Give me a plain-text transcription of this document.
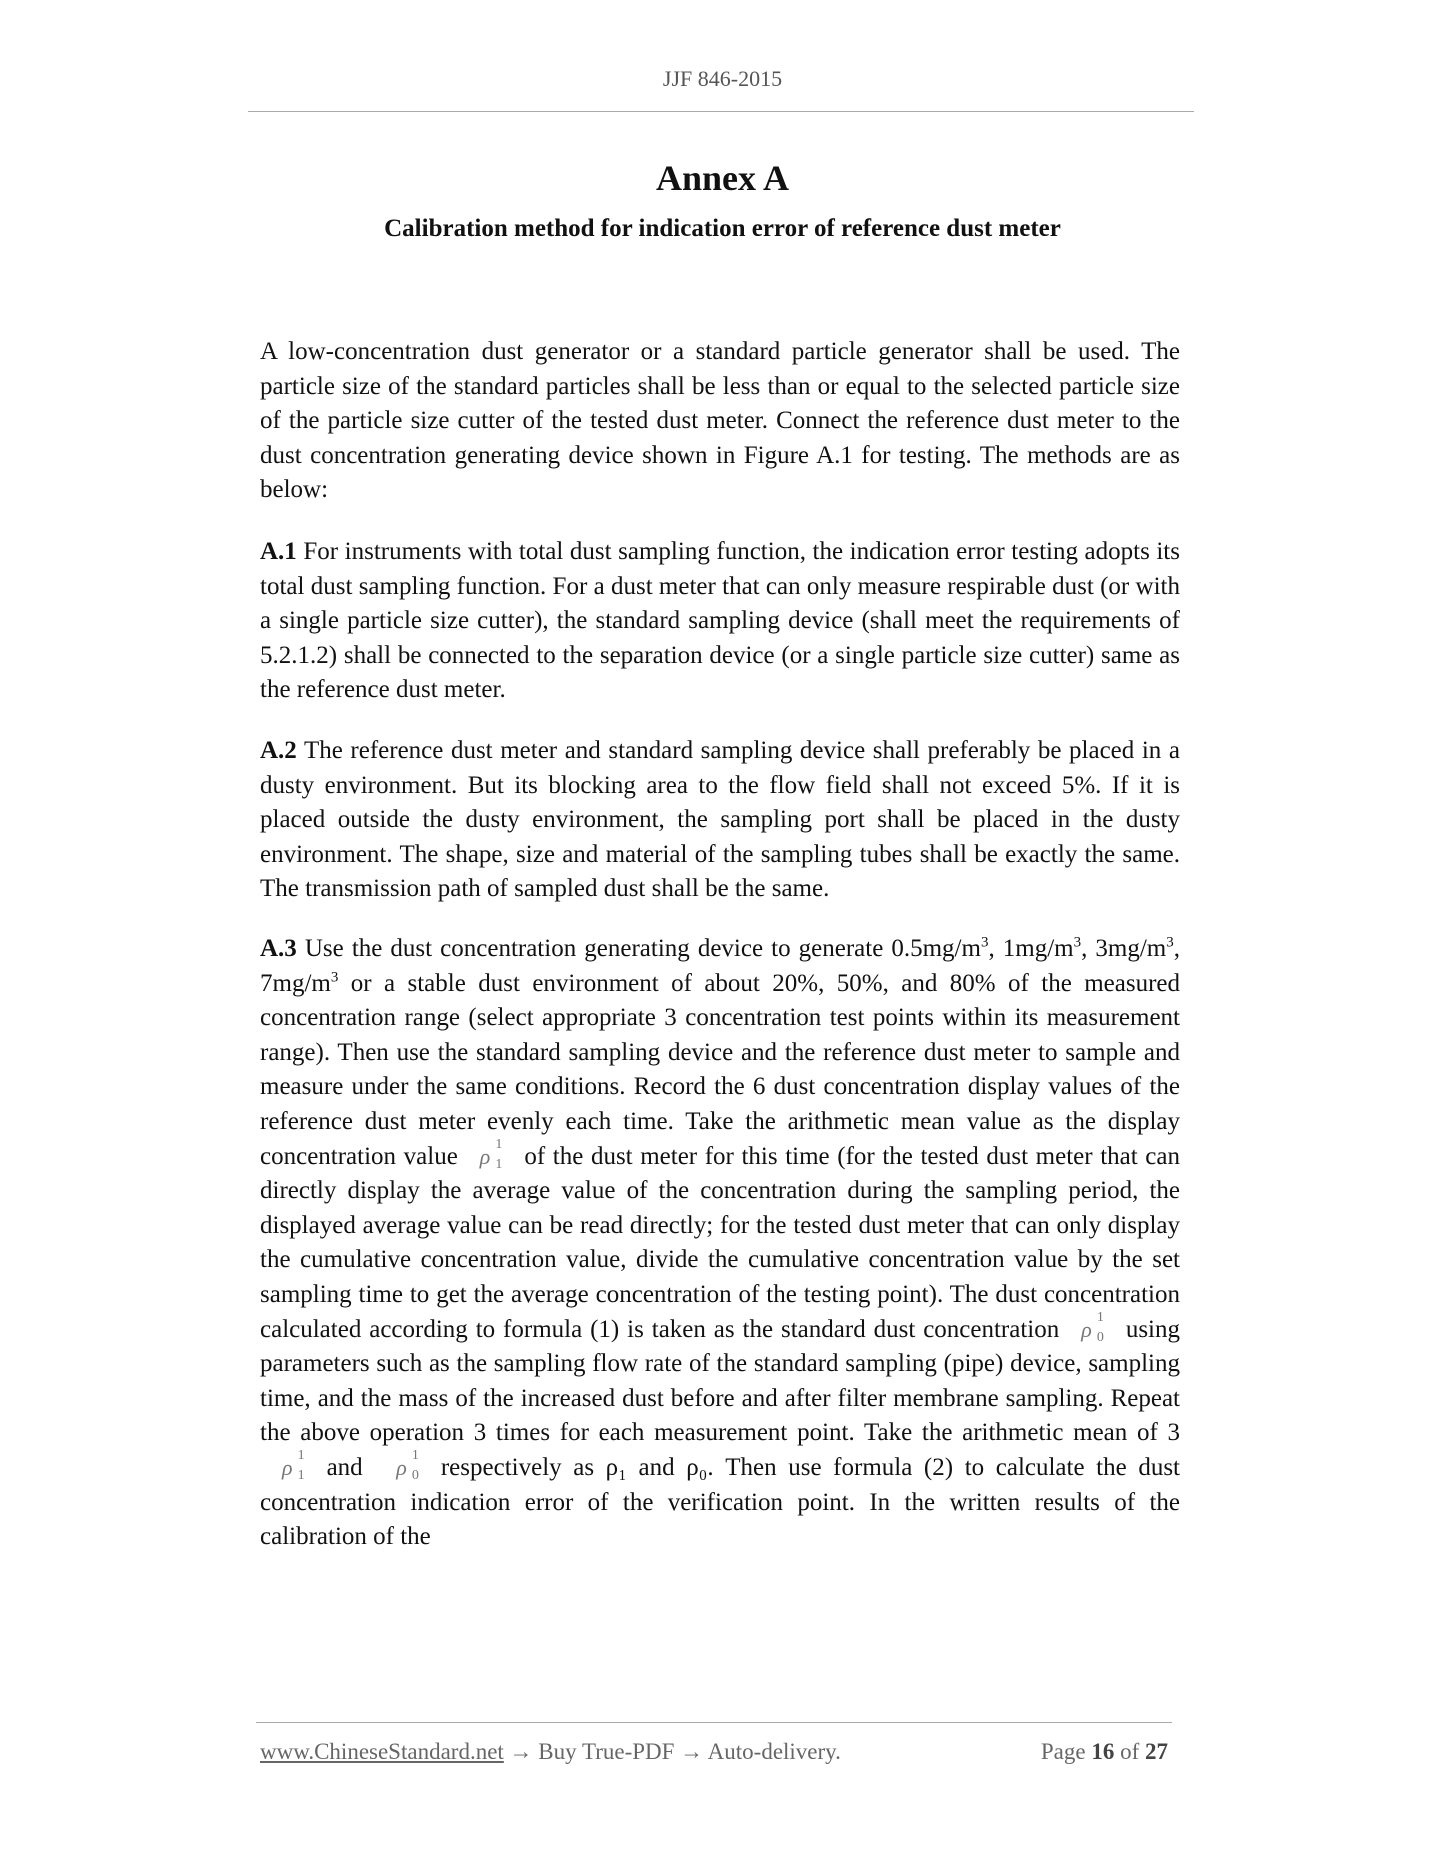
JJF 846-2015
Annex A
Calibration method for indication error of reference dust meter
A low-concentration dust generator or a standard particle generator shall be used. The particle size of the standard particles shall be less than or equal to the selected particle size of the particle size cutter of the tested dust meter. Connect the reference dust meter to the dust concentration generating device shown in Figure A.1 for testing. The methods are as below:
A.1 For instruments with total dust sampling function, the indication error testing adopts its total dust sampling function. For a dust meter that can only measure respirable dust (or with a single particle size cutter), the standard sampling device (shall meet the requirements of 5.2.1.2) shall be connected to the separation device (or a single particle size cutter) same as the reference dust meter.
A.2 The reference dust meter and standard sampling device shall preferably be placed in a dusty environment. But its blocking area to the flow field shall not exceed 5%. If it is placed outside the dusty environment, the sampling port shall be placed in the dusty environment. The shape, size and material of the sampling tubes shall be exactly the same. The transmission path of sampled dust shall be the same.
A.3 Use the dust concentration generating device to generate $0.5mg/m^3$, $1mg/m^3$, $3mg/m^3$, $7mg/m^3$ or a stable dust environment of about 20%, 50%, and 80% of the measured concentration range (select appropriate 3 concentration test points within its measurement range). Then use the standard sampling device and the reference dust meter to sample and measure under the same conditions. Record the 6 dust concentration display values of the reference dust meter evenly each time. Take the arithmetic mean value as the display concentration value ρ 1
1 of the dust meter for this time (for the tested dust meter that can directly display the average value of the concentration during the sampling period, the displayed average value can be read directly; for the tested dust meter that can only display the cumulative concentration value, divide the cumulative concentration value by the set sampling time to get the average concentration of the testing point). The dust concentration calculated according to formula (1) is taken as the standard dust concentration ρ 1
0 using parameters such as the sampling flow rate of the standard sampling (pipe) device, sampling time, and the mass of the increased dust before and after filter membrane sampling. Repeat the above operation 3 times for each measurement point. Take the arithmetic mean of 3ρ 1
1 and ρ 1
0 respectively as ρ₁ and ρ₀. Then use formula (2) to calculate the dust concentration indication error of the verification point. In the written results of the calibration of the
www.ChineseStandard.net → Buy True-PDF → Auto-delivery.	Page 16 of 27
